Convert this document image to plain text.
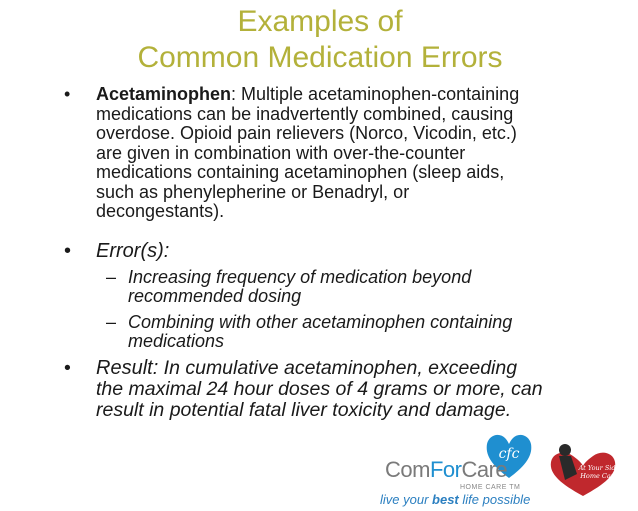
Examples of
Common Medication Errors
• Acetaminophen: Multiple acetaminophen-containing
medications can be inadvertently combined, causing
overdose. Opioid pain relievers (Norco, Vicodin, etc.)
are given in combination with over-the-counter
medications containing acetaminophen (sleep aids,
such as phenylepherine or Benadryl, or
decongestants).
• Error(s):
– Increasing frequency of medication beyond
recommended dosing
– Combining with other acetaminophen containing
medications
• Result: In cumulative acetaminophen, exceeding
the maximal 24 hour doses of 4 grams or more, can
result in potential fatal liver toxicity and damage.
cfc
ComForCare
HOME CARE TM
live your best life possible
At Your Side
Home Care
